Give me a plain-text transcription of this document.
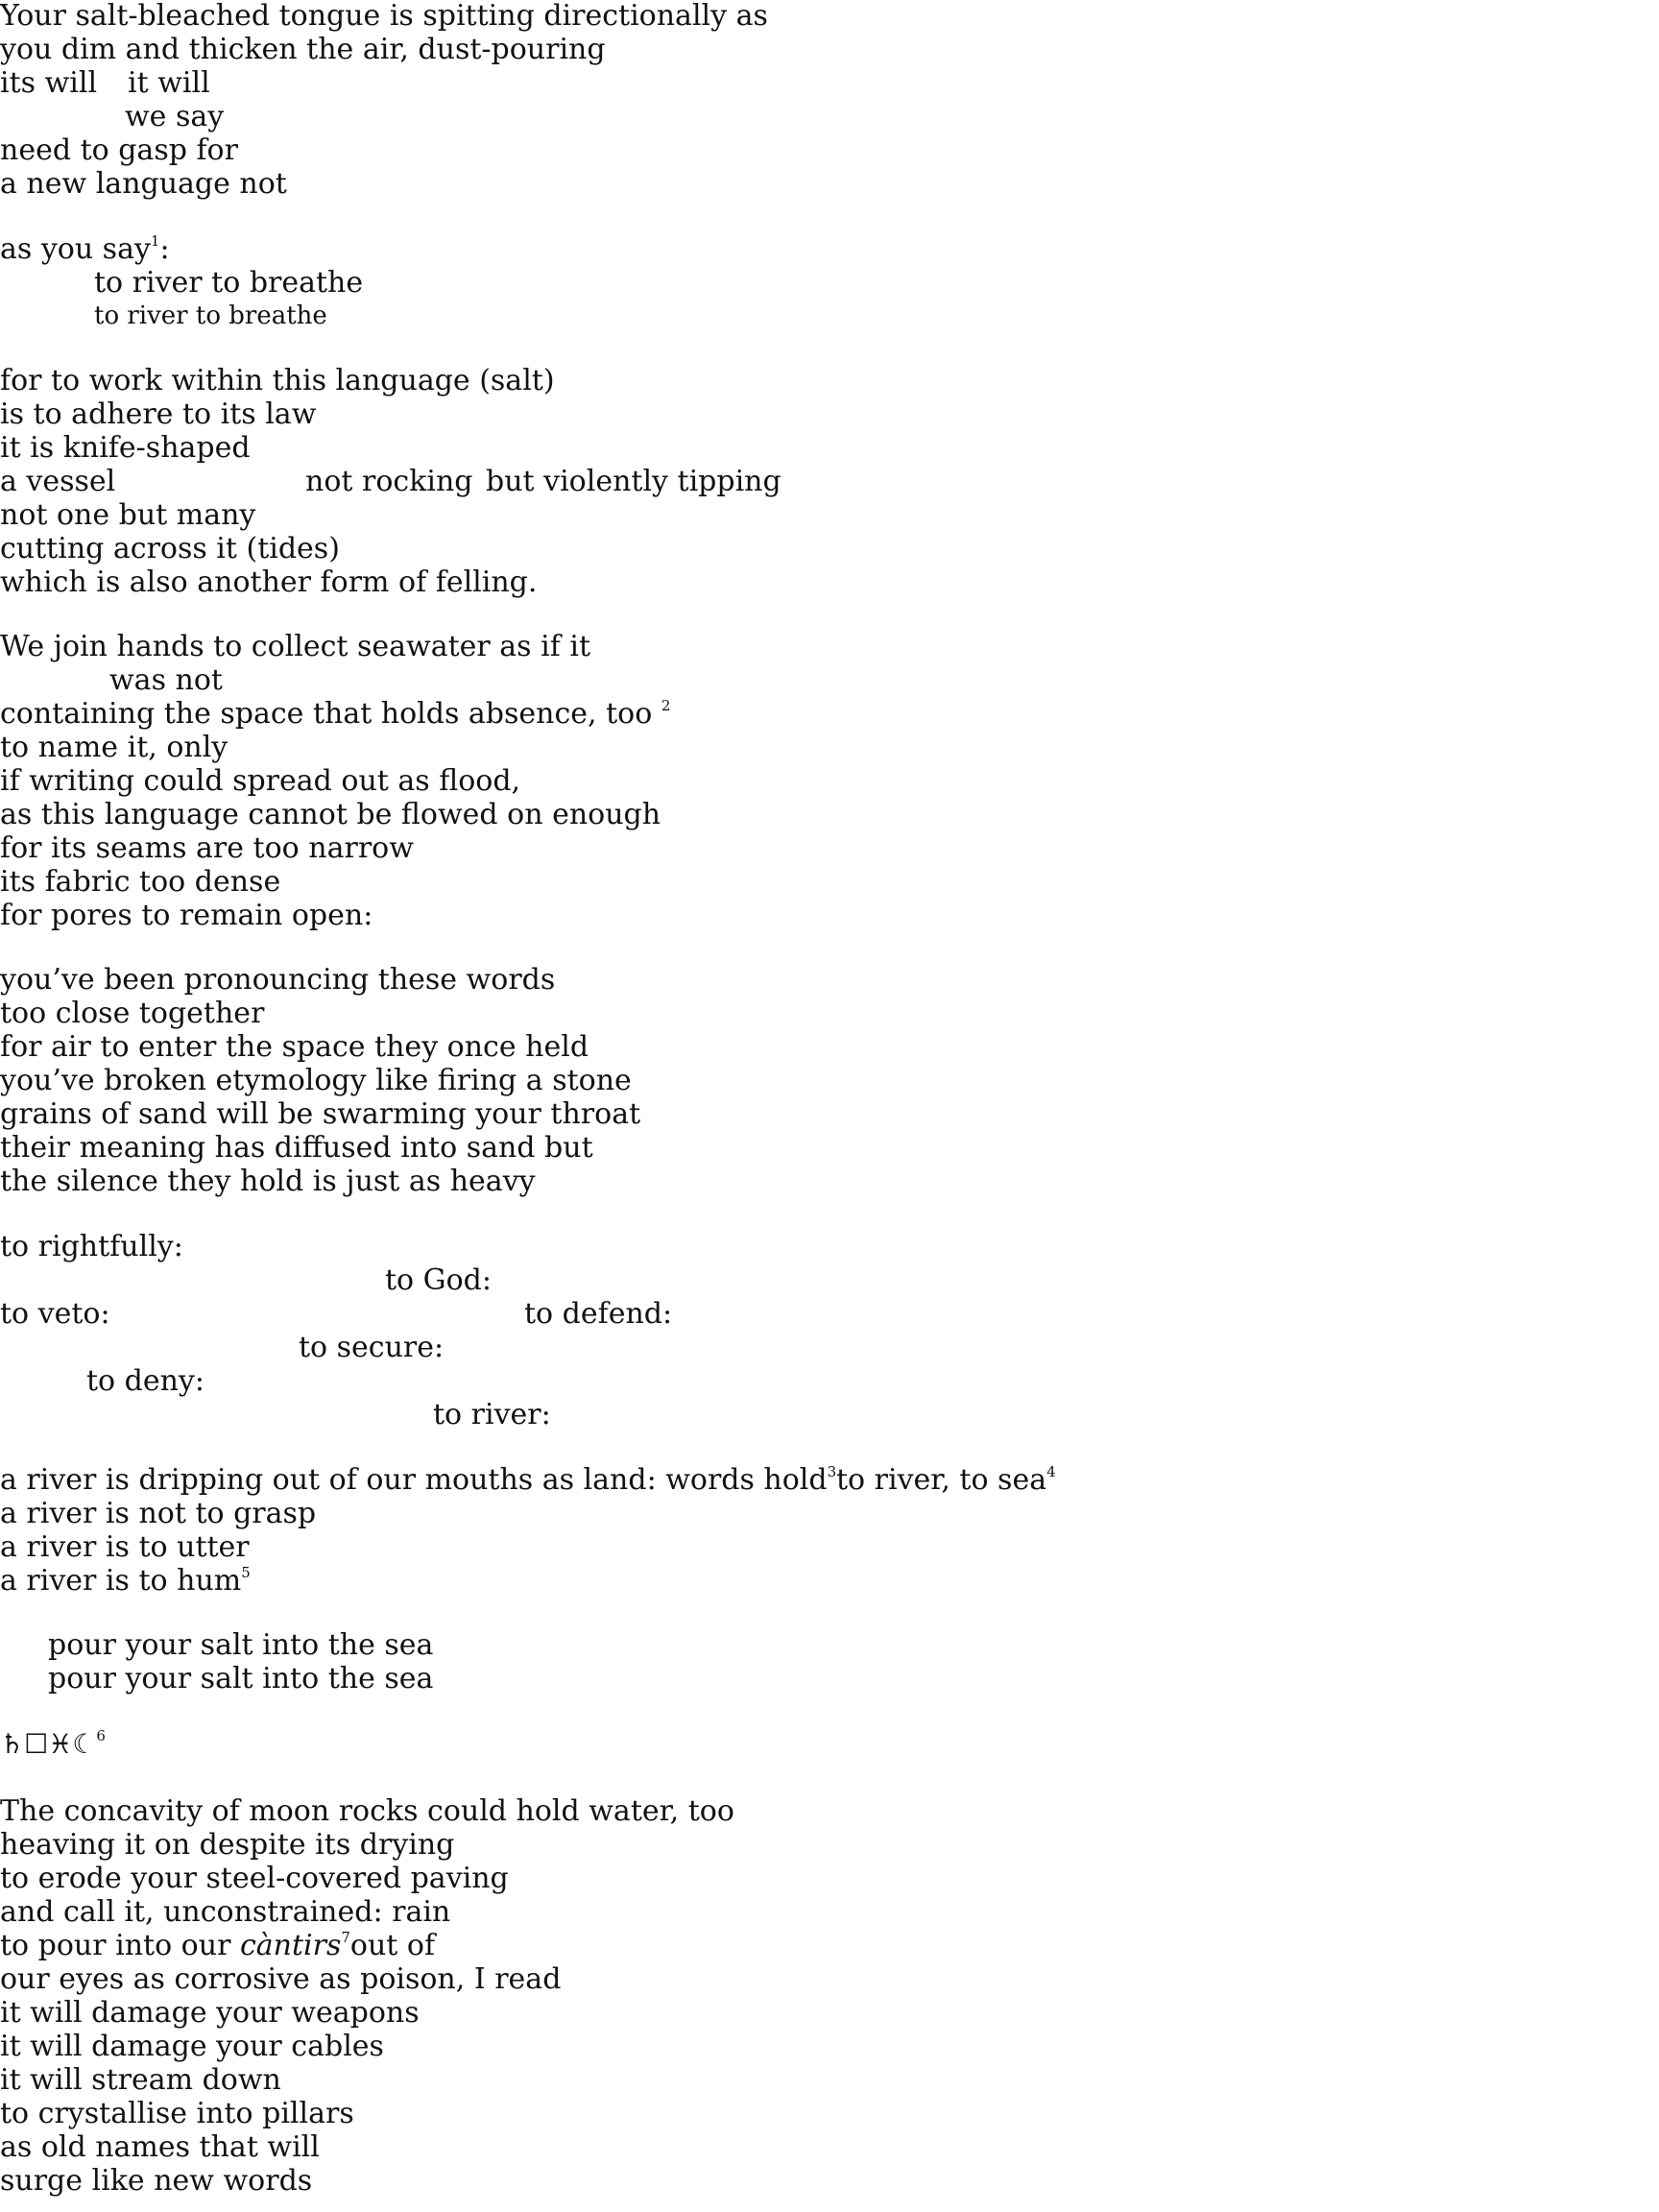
Your salt-bleached tongue is spitting directionally as

you dim and thicken the air, dust-pouring

its will it will

we say

need to gasp for

a new language not

as you say$^1$:

to river to breathe

to river to breathe

for to work within this language (salt)

is to adhere to its law

it is knife-shaped

a vessel	not rocking but violently tipping

not one but many

cutting across it (tides)

which is also another form of felling.

We join hands to collect seawater as if it

was not

containing the space that holds absence, too $^2$

to name it, only

if writing could spread out as flood,

as this language cannot be flowed on enough

for its seams are too narrow

its fabric too dense

for pores to remain open:

you’ve been pronouncing these words

too close together

for air to enter the space they once held

you’ve broken etymology like firing a stone

grains of sand will be swarming your throat

their meaning has diffused into sand but

the silence they hold is just as heavy

to rightfully:

to God:

to veto:	to defend:

to secure:

to deny:

to river:

a river is dripping out of our mouths as land: words hold$^3$ to river, to sea$^4$

a river is not to grasp

a river is to utter

a river is to hum$^5$

pour your salt into the sea

pour your salt into the sea

♄☐♓☾$^6$

The concavity of moon rocks could hold water, too

heaving it on despite its drying

to erode your steel-covered paving

and call it, unconstrained: rain

to pour into our càntirs$^7$out of

our eyes as corrosive as poison, I read

it will damage your weapons

it will damage your cables

it will stream down

to crystallise into pillars

as old names that will

surge like new words
